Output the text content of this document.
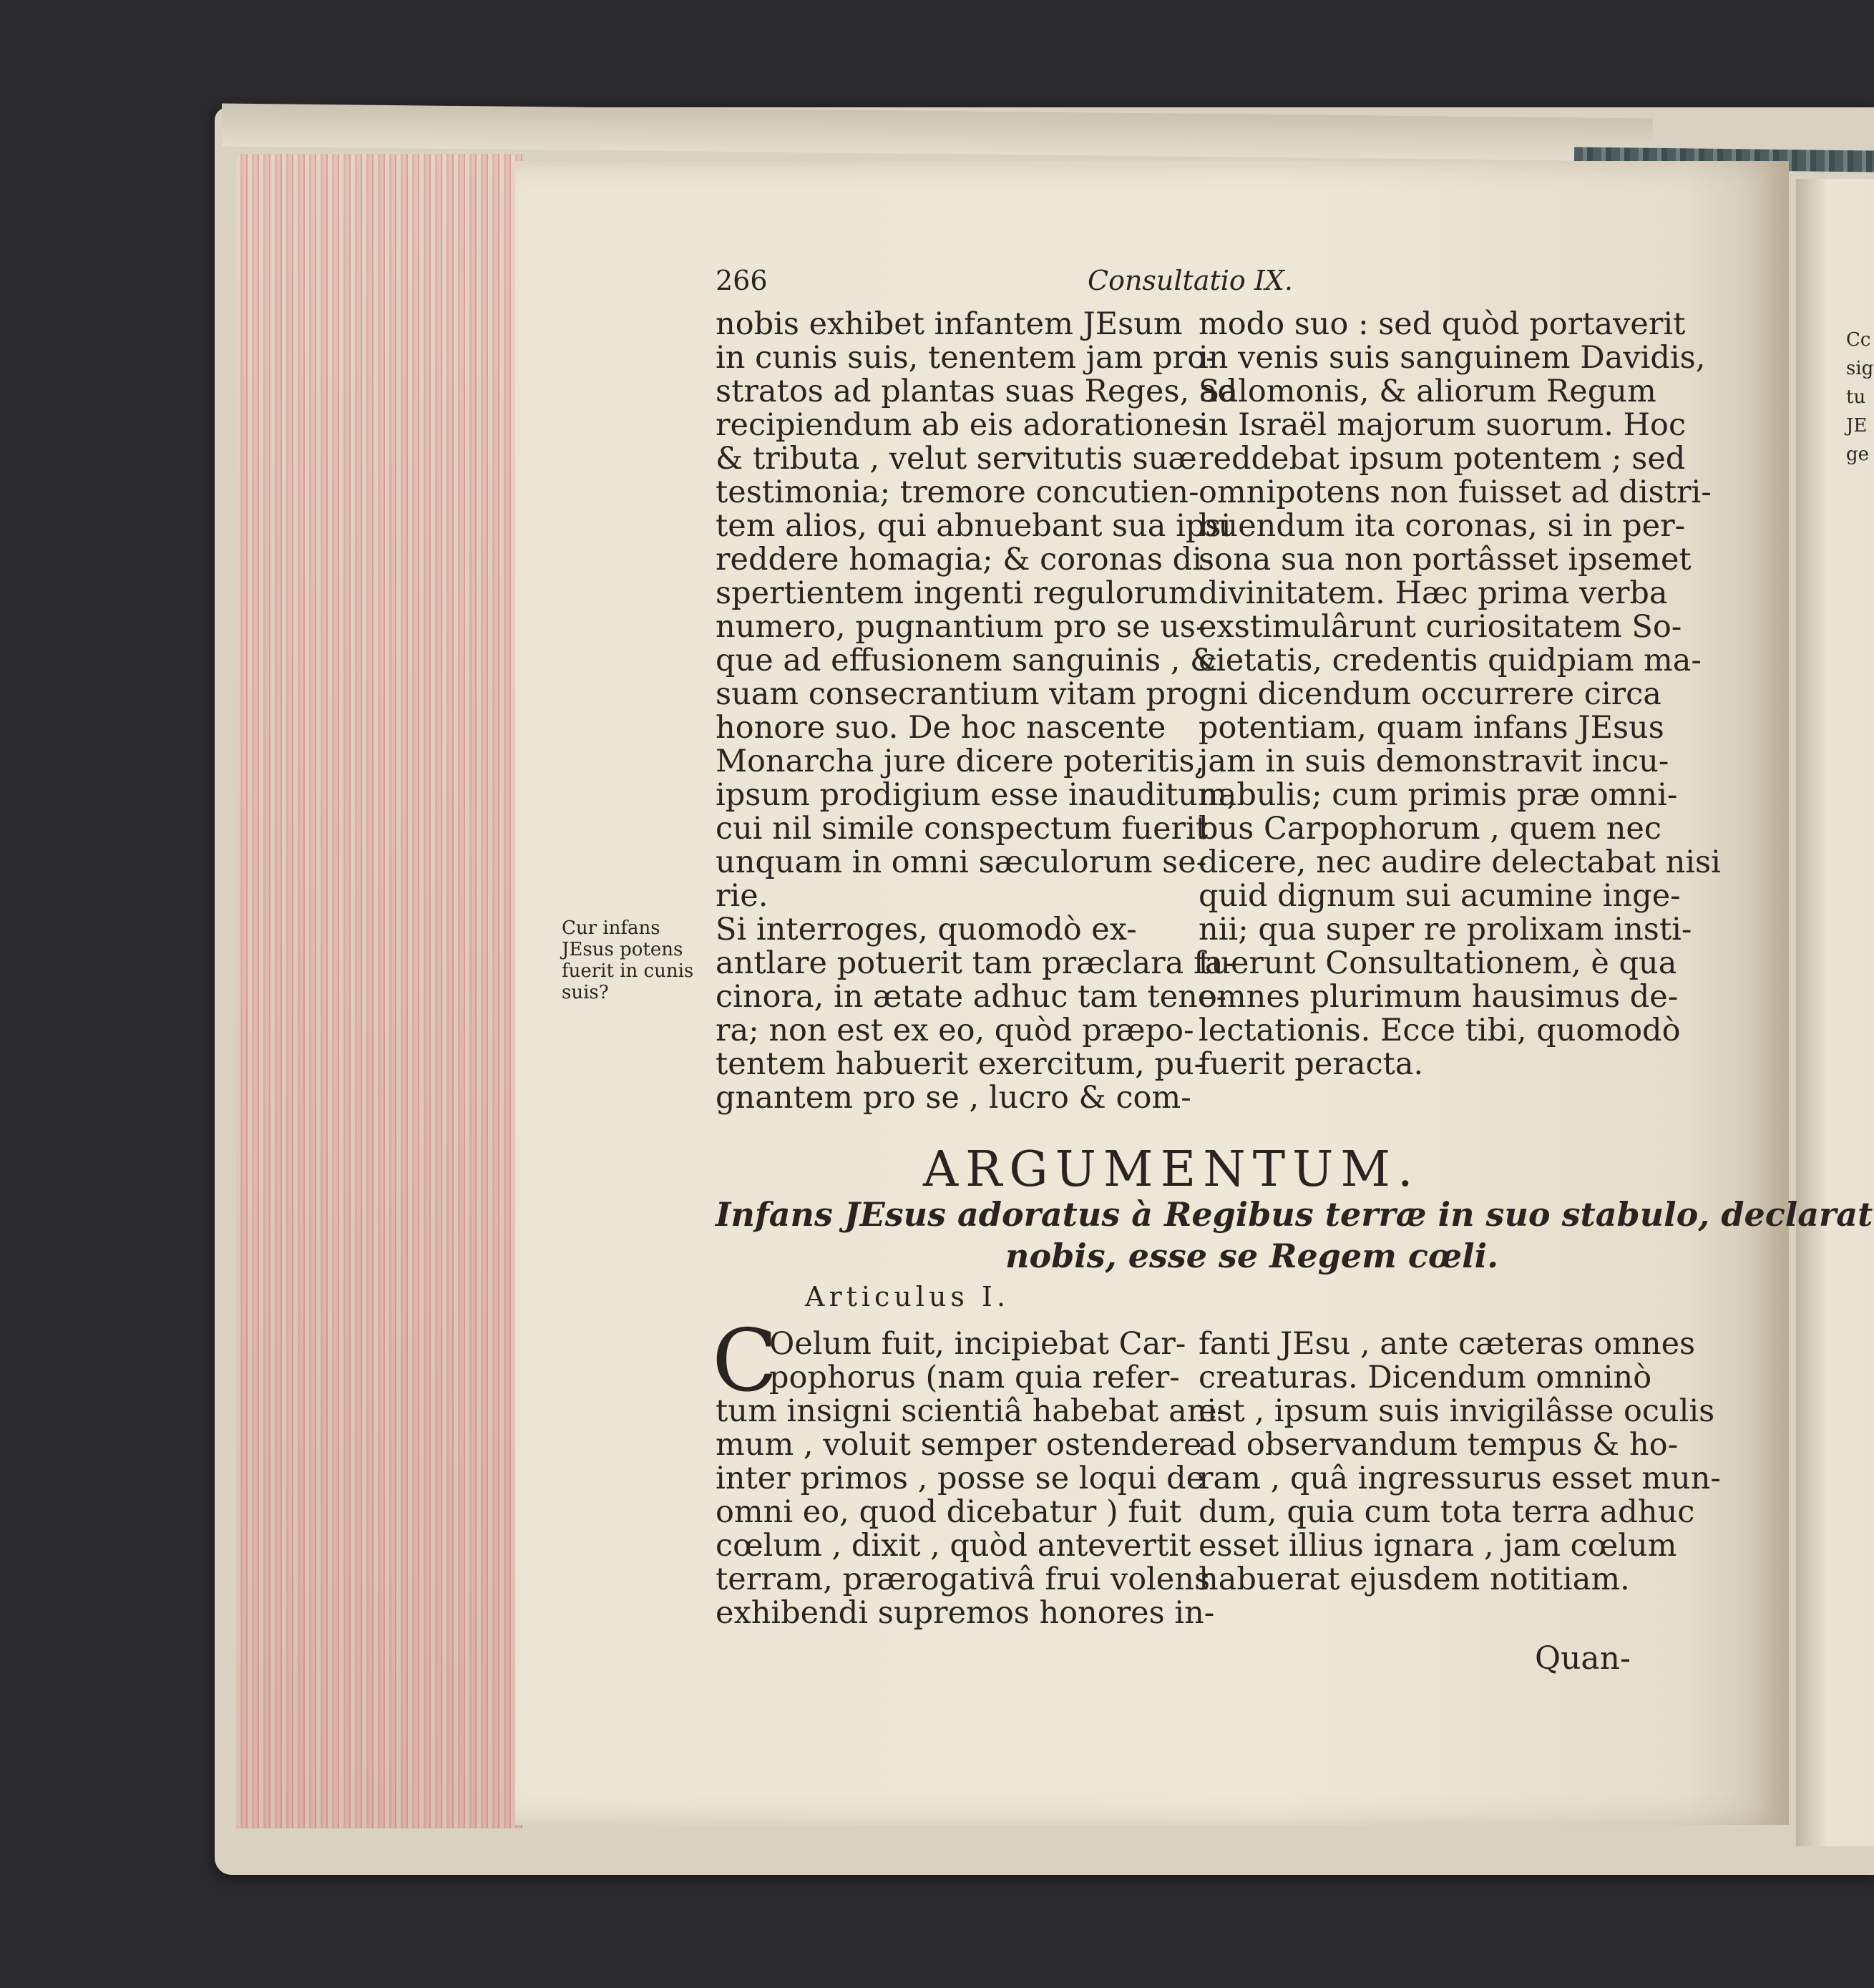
Cc
sig
tu
JE
ge
266	Consultatio IX.
nobis exhibet infantem JEsum
in cunis suis, tenentem jam pro-
stratos ad plantas suas Reges, ad
recipiendum ab eis adorationes
& tributa , velut servitutis suæ
testimonia; tremore concutien-
tem alios, qui abnuebant sua ipsi
reddere homagia; & coronas di-
spertientem ingenti regulorum
numero, pugnantium pro se us-
que ad effusionem sanguinis , &
suam consecrantium vitam pro
honore suo. De hoc nascente
Monarcha jure dicere poteritis,
ipsum prodigium esse inauditum,
cui nil simile conspectum fuerit
unquam in omni sæculorum se-
rie.
Si interroges, quomodò ex-
antlare potuerit tam præclara fa-
cinora, in ætate adhuc tam tene-
ra; non est ex eo, quòd præpo-
tentem habuerit exercitum, pu-
gnantem pro se , lucro & com-
modo suo : sed quòd portaverit
in venis suis sanguinem Davidis,
Salomonis, & aliorum Regum
in Israël majorum suorum. Hoc
reddebat ipsum potentem ; sed
omnipotens non fuisset ad distri-
buendum ita coronas, si in per-
sona sua non portâsset ipsemet
divinitatem. Hæc prima verba
exstimulârunt curiositatem So-
cietatis, credentis quidpiam ma-
gni dicendum occurrere circa
potentiam, quam infans JEsus
jam in suis demonstravit incu-
nabulis; cum primis præ omni-
bus Carpophorum , quem nec
dicere, nec audire delectabat nisi
quid dignum sui acumine inge-
nii; qua super re prolixam insti-
tuerunt Consultationem, è qua
omnes plurimum hausimus de-
lectationis. Ecce tibi, quomodò
fuerit peracta.
Cur infans
JEsus potens
fuerit in cunis
suis?
ARGUMENTUM.
Infans JEsus adoratus à Regibus terræ in suo stabulo, declarat
nobis, esse se Regem cœli.
Articulus I.
C
Oelum fuit, incipiebat Car-
pophorus (nam quia refer-
tum insigni scientiâ habebat ani-
mum , voluit semper ostendere
inter primos , posse se loqui de
omni eo, quod dicebatur ) fuit
cœlum , dixit , quòd antevertit
terram, prærogativâ frui volens
exhibendi supremos honores in-
fanti JEsu , ante cæteras omnes
creaturas. Dicendum omninò
est , ipsum suis invigilâsse oculis
ad observandum tempus & ho-
ram , quâ ingressurus esset mun-
dum, quia cum tota terra adhuc
esset illius ignara , jam cœlum
habuerat ejusdem notitiam.
Quan-
